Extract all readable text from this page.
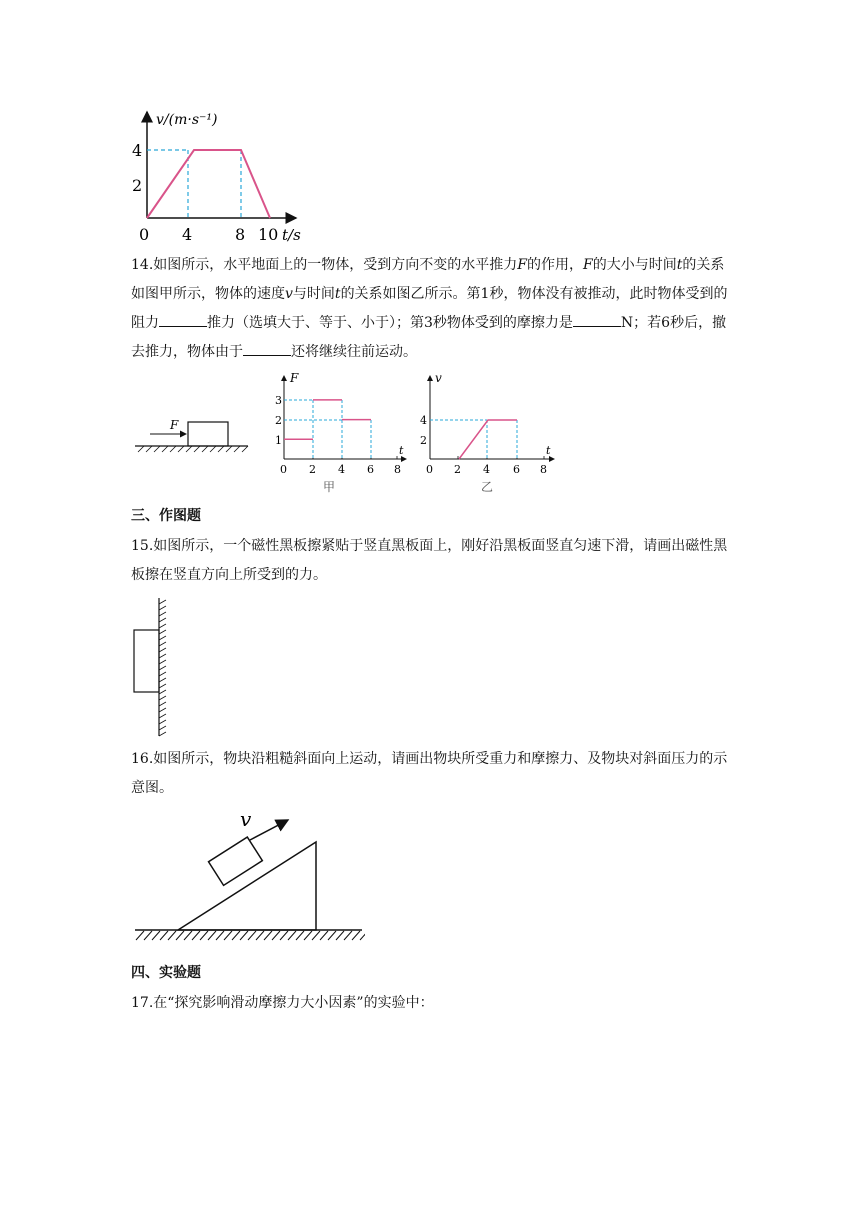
v/(m·s⁻¹)
4
2
0 4	8 10 t/s

14.如图所示，水平地面上的一物体，受到方向不变的水平推力F的作用，F的大小与时间t的关系如图甲所示，物体的速度v与时间t的关系如图乙所示。第1秒，物体没有被推动，此时物体受到的阻力	推力（选填大于、等于、小于）；第3秒物体受到的摩擦力是	N；若6秒后，撤去推力，物体由于	还将继续往前运动。

F
F
t
3
2
1
0 2 4 6 8
甲
v
t
4
2
0 2 4 6 8
乙
三、作图题

15.如图所示，一个磁性黑板擦紧贴于竖直黑板面上，刚好沿黑板面竖直匀速下滑，请画出磁性黑板擦在竖直方向上所受到的力。

16.如图所示，物块沿粗糙斜面向上运动，请画出物块所受重力和摩擦力、及物块对斜面压力的示意图。

v
四、实验题

17.在“探究影响滑动摩擦力大小因素”的实验中：
